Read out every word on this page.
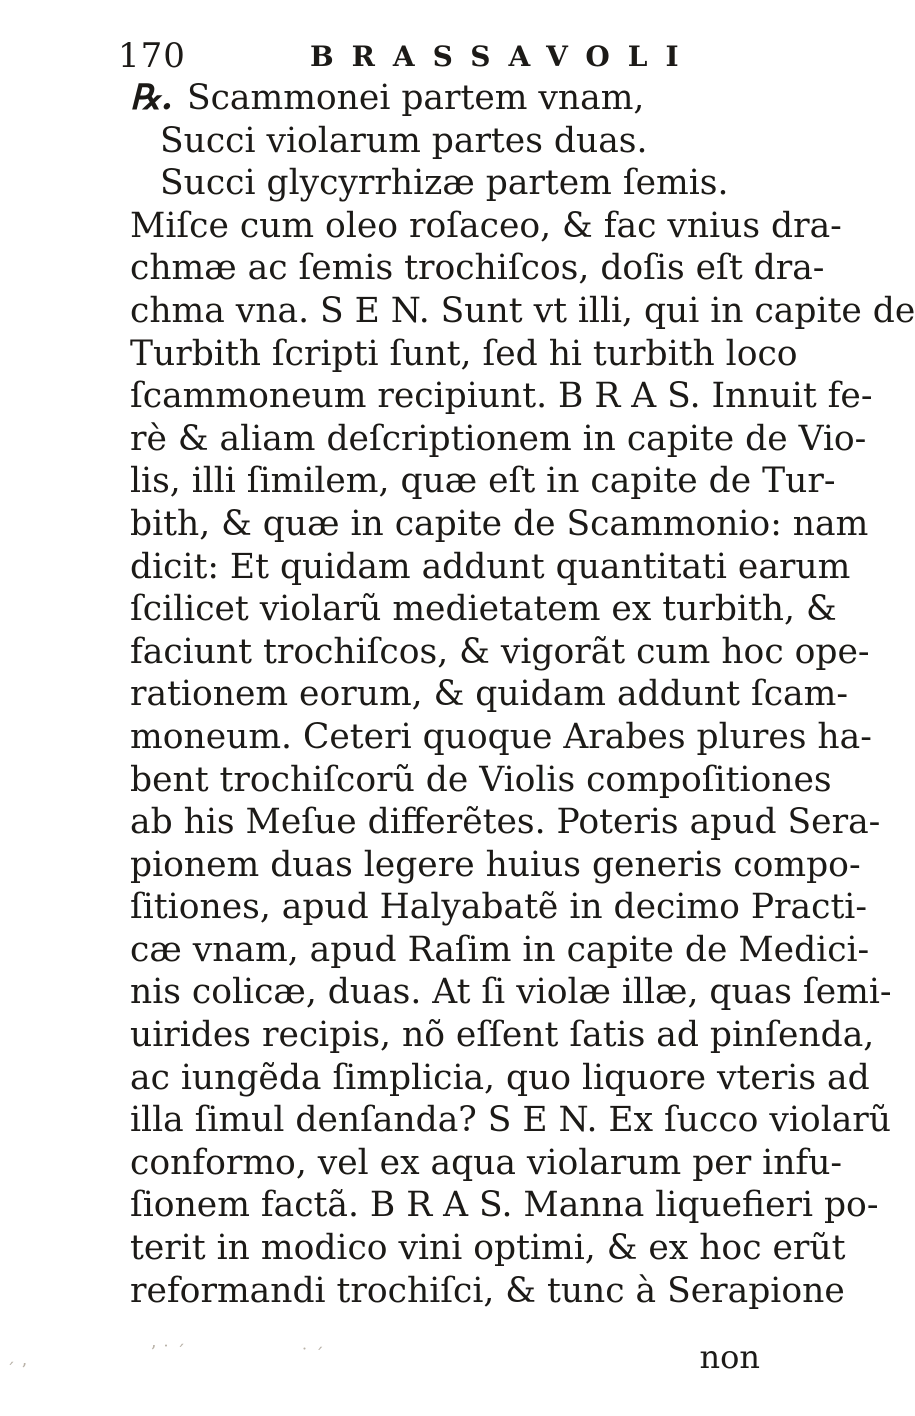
170	BRASSAVOLI
℞. Scammonei partem vnam,
Succi violarum partes duas.
Succi glycyrrhizæ partem ſemis.
Miſce cum oleo roſaceo, & fac vnius dra-
chmæ ac ſemis trochiſcos, doſis eſt dra-
chma vna. S E N. Sunt vt illi, qui in capite de
Turbith ſcripti ſunt, ſed hi turbith loco
ſcammoneum recipiunt. B R A S. Innuit fe-
rè & aliam deſcriptionem in capite de Vio-
lis, illi ſimilem, quæ eſt in capite de Tur-
bith, & quæ in capite de Scammonio: nam
dicit: Et quidam addunt quantitati earum
ſcilicet violarũ medietatem ex turbith, &
faciunt trochiſcos, & vigorãt cum hoc ope-
rationem eorum, & quidam addunt ſcam-
moneum. Ceteri quoque Arabes plures ha-
bent trochiſcorũ de Violis compoſitiones
ab his Meſue differẽtes. Poteris apud Sera-
pionem duas legere huius generis compo-
ſitiones, apud Halyabatẽ in decimo Practi-
cæ vnam, apud Raſim in capite de Medici-
nis colicæ, duas. At ſi violæ illæ, quas ſemi-
uirides recipis, nõ eſſent ſatis ad pinſenda,
ac iungẽda ſimplicia, quo liquore vteris ad
illa ſimul denſanda? S E N. Ex ſucco violarũ
conformo, vel ex aqua violarum per infu-
ſionem factã. B R A S. Manna liquefieri po-
terit in modico vini optimi, & ex hoc erũt
reformandi trochiſci, & tunc à Serapione
non
ʼ ˙ ˊ	˙ ˊ
ˊ ʼ
